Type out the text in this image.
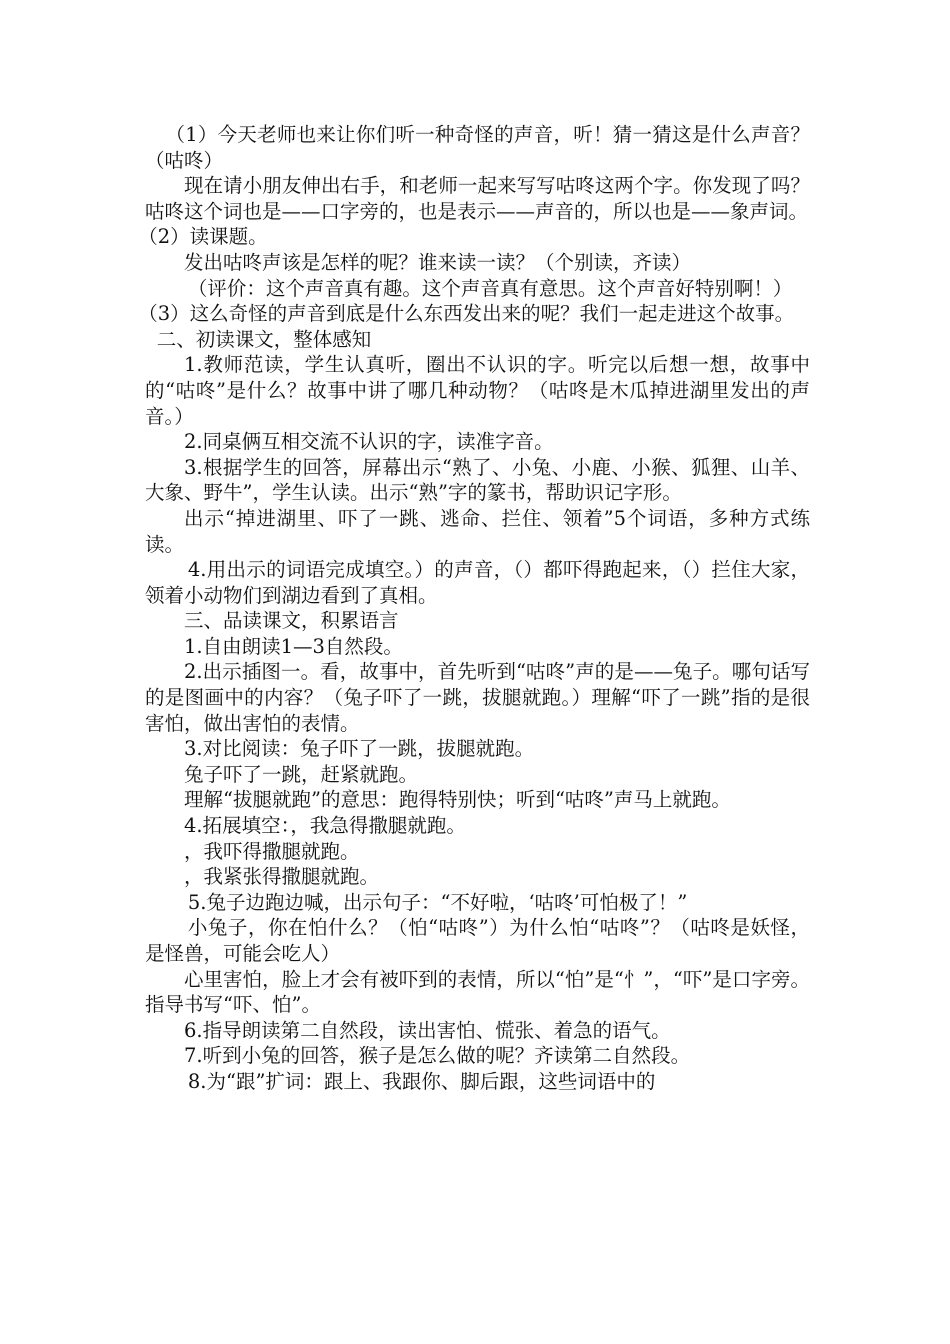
（1）今天老师也来让你们听一种奇怪的声音，听！猜一猜这是什么声音？（咕咚）

现在请小朋友伸出右手，和老师一起来写写咕咚这两个字。你发现了吗？咕咚这个词也是——口字旁的，也是表示——声音的，所以也是——象声词。

（2）读课题。

发出咕咚声该是怎样的呢？谁来读一读？（个别读，齐读）

（评价：这个声音真有趣。这个声音真有意思。这个声音好特别啊！）

（3）这么奇怪的声音到底是什么东西发出来的呢？我们一起走进这个故事。

二、初读课文，整体感知

1.教师范读，学生认真听，圈出不认识的字。听完以后想一想，故事中的“咕咚”是什么？故事中讲了哪几种动物？（咕咚是木瓜掉进湖里发出的声音。）

2.同桌俩互相交流不认识的字，读准字音。

3.根据学生的回答，屏幕出示“熟了、小兔、小鹿、小猴、狐狸、山羊、大象、野牛”，学生认读。出示“熟”字的篆书，帮助识记字形。

出示“掉进湖里、吓了一跳、逃命、拦住、领着”5个词语，多种方式练读。

4.用出示的词语完成填空。）的声音，（）都吓得跑起来，（）拦住大家，领着小动物们到湖边看到了真相。

三、品读课文，积累语言

1.自由朗读1—3自然段。

2.出示插图一。看，故事中，首先听到“咕咚”声的是——兔子。哪句话写的是图画中的内容？（兔子吓了一跳，拔腿就跑。）理解“吓了一跳”指的是很害怕，做出害怕的表情。

3.对比阅读：兔子吓了一跳，拔腿就跑。

兔子吓了一跳，赶紧就跑。

理解“拔腿就跑”的意思：跑得特别快；听到“咕咚”声马上就跑。

4.拓展填空：，我急得撒腿就跑。

，我吓得撒腿就跑。

，我紧张得撒腿就跑。

5.兔子边跑边喊，出示句子：“不好啦，‘咕咚’可怕极了！”

小兔子，你在怕什么？（怕“咕咚”）为什么怕“咕咚”？（咕咚是妖怪，是怪兽，可能会吃人）

心里害怕，脸上才会有被吓到的表情，所以“怕”是“忄”，“吓”是口字旁。指导书写“吓、怕”。

6.指导朗读第二自然段，读出害怕、慌张、着急的语气。

7.听到小兔的回答，猴子是怎么做的呢？齐读第二自然段。

8.为“跟”扩词：跟上、我跟你、脚后跟，这些词语中的
